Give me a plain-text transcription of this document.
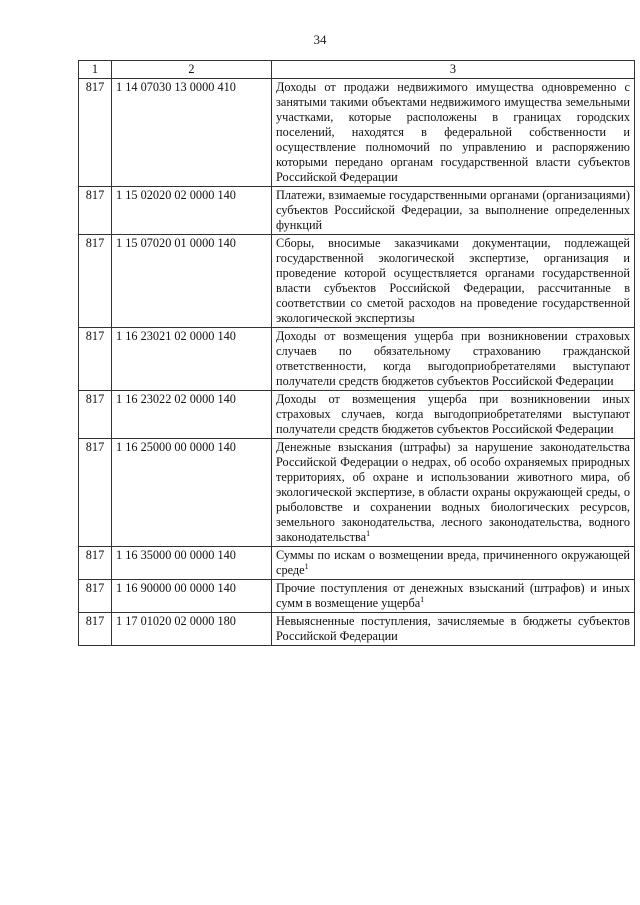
34
1	2	3
817	1 14 07030 13 0000 410	Доходы от продажи недвижимого имущества одновременно с занятыми такими объектами недвижимого имущества земельными участками, которые расположены в границах городских поселений, находятся в федеральной собственности и осуществление полномочий по управлению и распоряжению которыми передано органам государственной власти субъектов Российской Федерации
817	1 15 02020 02 0000 140	Платежи, взимаемые государственными органами (организациями) субъектов Российской Федерации, за выполнение определенных функций
817	1 15 07020 01 0000 140	Сборы, вносимые заказчиками документации, подлежащей государственной экологической экспертизе, организация и проведение которой осуществляется органами государственной власти субъектов Российской Федерации, рассчитанные в соответствии со сметой расходов на проведение государственной экологической экспертизы
817	1 16 23021 02 0000 140	Доходы от возмещения ущерба при возникновении страховых случаев по обязательному страхованию гражданской ответственности, когда выгодоприобретателями выступают получатели средств бюджетов субъектов Российской Федерации
817	1 16 23022 02 0000 140	Доходы от возмещения ущерба при возникновении иных страховых случаев, когда выгодоприобретателями выступают получатели средств бюджетов субъектов Российской Федерации
817	1 16 25000 00 0000 140	Денежные взыскания (штрафы) за нарушение законодательства Российской Федерации о недрах, об особо охраняемых природных территориях, об охране и использовании животного мира, об экологической экспертизе, в области охраны окружающей среды, о рыболовстве и сохранении водных биологических ресурсов, земельного законодательства, лесного законодательства, водного законодательства$^1$
817	1 16 35000 00 0000 140	Суммы по искам о возмещении вреда, причиненного окружающей среде$^1$
817	1 16 90000 00 0000 140	Прочие поступления от денежных взысканий (штрафов) и иных сумм в возмещение ущерба$^1$
817	1 17 01020 02 0000 180	Невыясненные поступления, зачисляемые в бюджеты субъектов Российской Федерации
